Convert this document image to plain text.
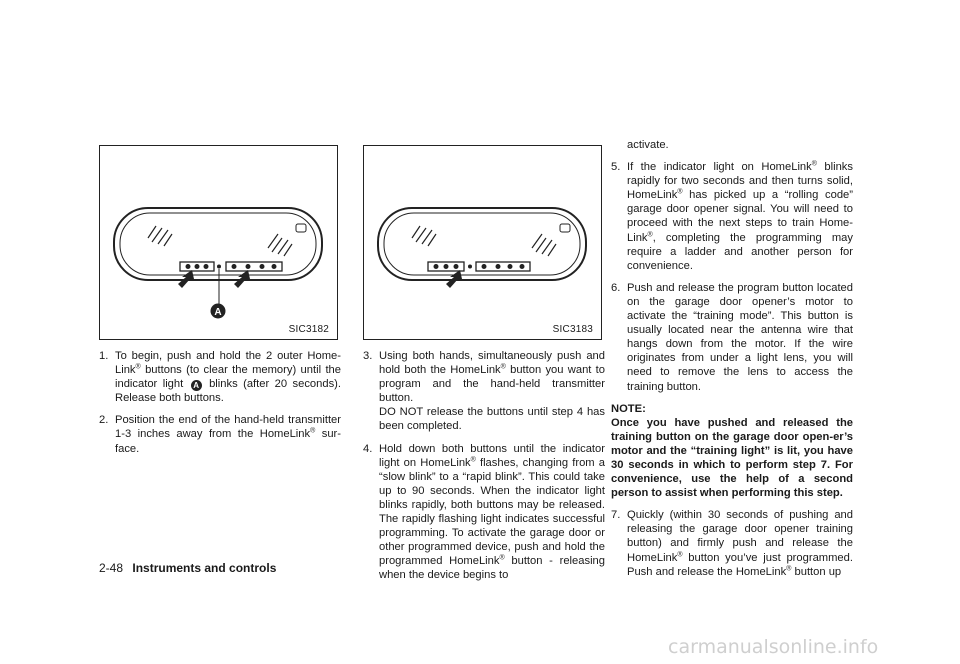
A
SIC3182	SIC3183
1. To begin, push and hold the 2 outer Home-Link® buttons (to clear the memory) until the indicator light A blinks (after 20 seconds). Release both buttons.
2. Position the end of the hand-held transmitter 1-3 inches away from the HomeLink® sur-face.
3. Using both hands, simultaneously push and hold both the HomeLink® button you want to program and the hand-held transmitter button.
DO NOT release the buttons until step 4 has been completed.
4. Hold down both buttons until the indicator light on HomeLink® flashes, changing from a “slow blink” to a “rapid blink”. This could take up to 90 seconds. When the indicator light blinks rapidly, both buttons may be released. The rapidly flashing light indicates successful programming. To activate the garage door or other programmed device, push and hold the programmed HomeLink® button - releasing when the device begins to
activate.
5. If the indicator light on HomeLink® blinks rapidly for two seconds and then turns solid, HomeLink® has picked up a “rolling code” garage door opener signal. You will need to proceed with the next steps to train Home-Link®, completing the programming may require a ladder and another person for convenience.
6. Push and release the program button located on the garage door opener’s motor to activate the “training mode”. This button is usually located near the antenna wire that hangs down from the motor. If the wire originates from under a light lens, you will need to remove the lens to access the training button.
NOTE:
Once you have pushed and released the training button on the garage door open-er’s motor and the “training light” is lit, you have 30 seconds in which to perform step 7. For convenience, use the help of a second person to assist when performing this step.
7. Quickly (within 30 seconds of pushing and releasing the garage door opener training button) and firmly push and release the HomeLink® button you’ve just programmed. Push and release the HomeLink® button up
2-48 Instruments and controls
carmanualsonline.info
